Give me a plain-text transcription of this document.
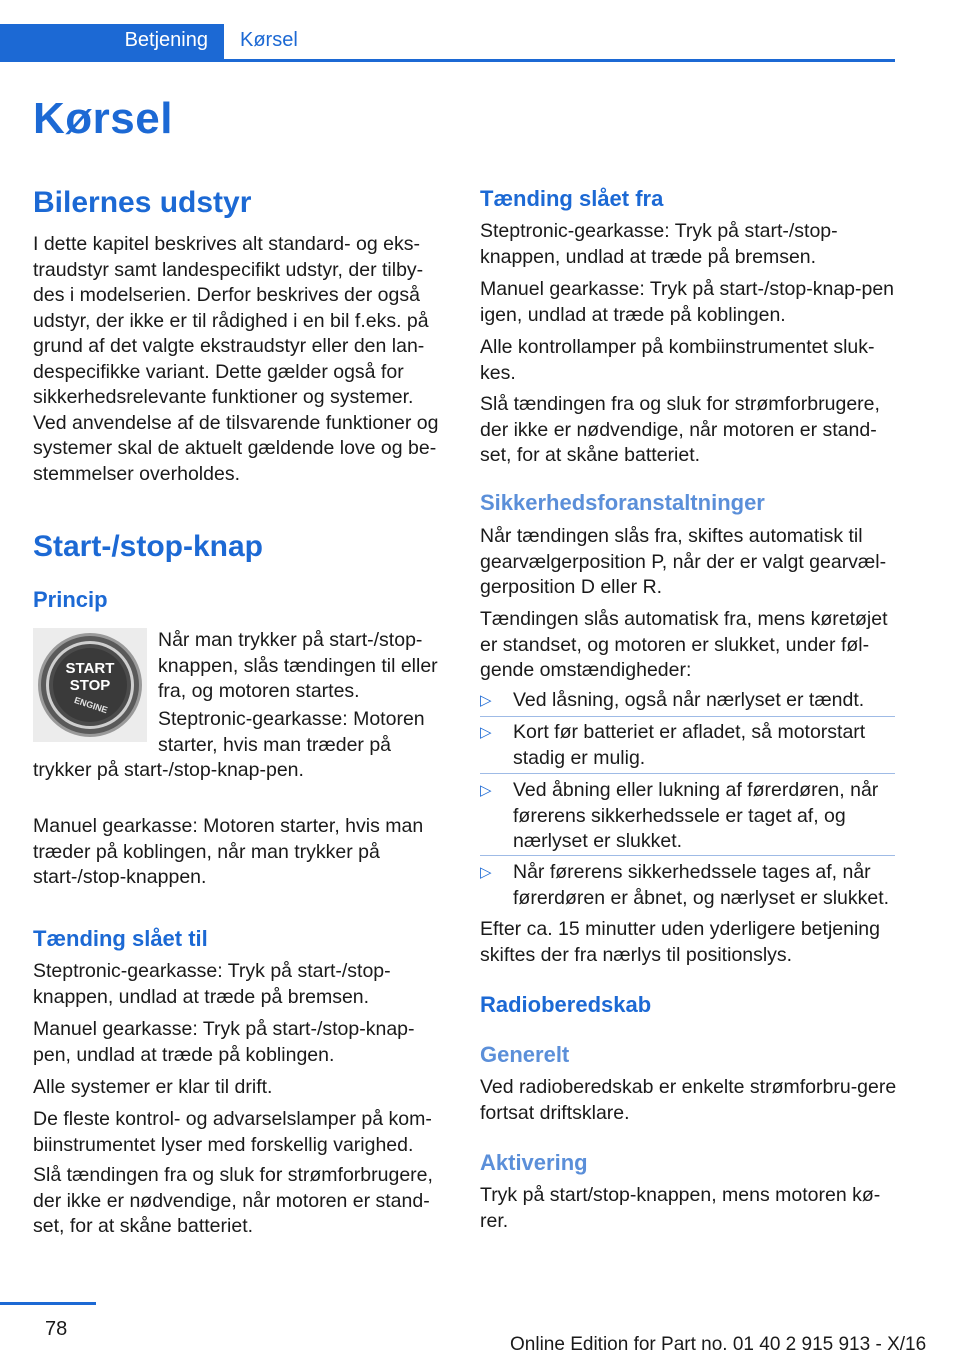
Betjening Kørsel
Kørsel
Bilernes udstyr
I dette kapitel beskrives alt standard- og eks-traudstyr samt landespecifikt udstyr, der tilby-des i modelserien. Derfor beskrives der også udstyr, der ikke er til rådighed i en bil f.eks. på grund af det valgte ekstraudstyr eller den lan-despecifikke variant. Dette gælder også for sikkerhedsrelevante funktioner og systemer. Ved anvendelse af de tilsvarende funktioner og systemer skal de aktuelt gældende love og be-stemmelser overholdes.
Start-/stop-knap
Princip
START
STOP
ENGINE
Når man trykker på start-/stop-knappen, slås tændingen til eller fra, og motoren startes.
Steptronic-gearkasse: Motoren starter, hvis man træder på
trykker på start-/stop-knap-pen.
Manuel gearkasse: Motoren starter, hvis man træder på koblingen, når man trykker på start-/stop-knappen.
Tænding slået til
Steptronic-gearkasse: Tryk på start-/stop-knappen, undlad at træde på bremsen.
Manuel gearkasse: Tryk på start-/stop-knap-pen, undlad at træde på koblingen.
Alle systemer er klar til drift.
De fleste kontrol- og advarselslamper på kom-biinstrumentet lyser med forskellig varighed.
Slå tændingen fra og sluk for strømforbrugere, der ikke er nødvendige, når motoren er stand-set, for at skåne batteriet.
Tænding slået fra
Steptronic-gearkasse: Tryk på start-/stop-knappen, undlad at træde på bremsen.
Manuel gearkasse: Tryk på start-/stop-knap-pen igen, undlad at træde på koblingen.
Alle kontrollamper på kombiinstrumentet sluk-kes.
Slå tændingen fra og sluk for strømforbrugere, der ikke er nødvendige, når motoren er stand-set, for at skåne batteriet.
Sikkerhedsforanstaltninger
Når tændingen slås fra, skiftes automatisk til gearvælgerposition P, når der er valgt gearvæl-gerposition D eller R.
Tændingen slås automatisk fra, mens køretøjet er standset, og motoren er slukket, under føl-gende omstændigheder:
▷ Ved låsning, også når nærlyset er tændt.
▷ Kort før batteriet er afladet, så motorstart stadig er mulig.
▷ Ved åbning eller lukning af førerdøren, når førerens sikkerhedssele er taget af, og nærlyset er slukket.
▷ Når førerens sikkerhedssele tages af, når førerdøren er åbnet, og nærlyset er slukket.
Efter ca. 15 minutter uden yderligere betjening skiftes der fra nærlys til positionslys.
Radioberedskab
Generelt
Ved radioberedskab er enkelte strømforbru-gere fortsat driftsklare.
Aktivering
Tryk på start/stop-knappen, mens motoren kø-rer.
78
Online Edition for Part no. 01 40 2 915 913 - X/16
